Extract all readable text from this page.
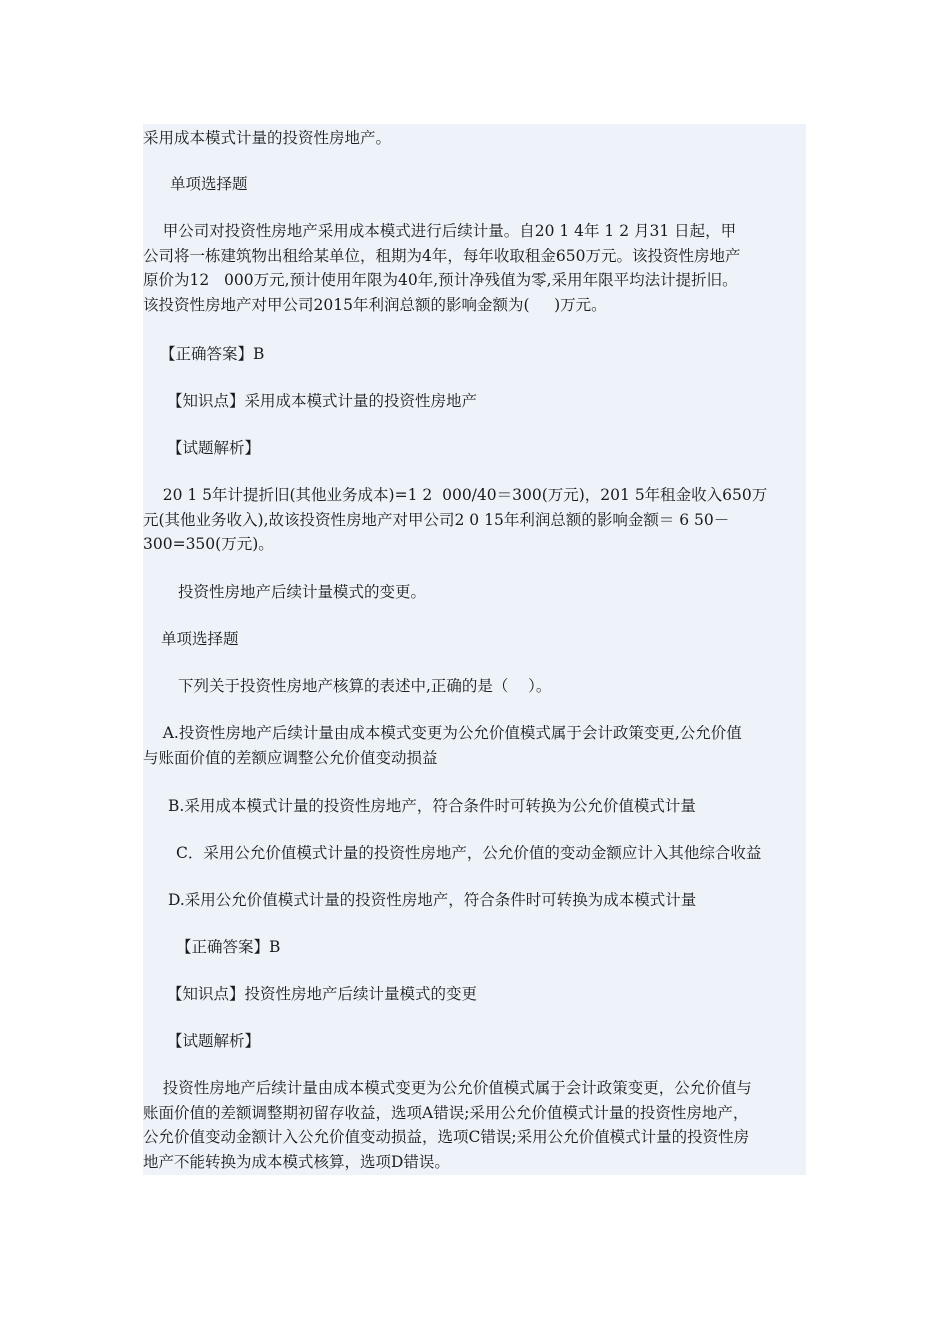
采用成本模式计量的投资性房地产。
单项选择题
甲公司对投资性房地产采用成本模式进行后续计量。自20 1 4年 1 2 月31 日起，甲
公司将一栋建筑物出租给某单位，租期为4年，每年收取租金650万元。该投资性房地产
原价为12   000万元,预计使用年限为40年,预计净残值为零,采用年限平均法计提折旧。
该投资性房地产对甲公司2015年利润总额的影响金额为(     )万元。
【正确答案】B
【知识点】采用成本模式计量的投资性房地产
【试题解析】
20 1 5年计提折旧(其他业务成本)=1 2  000/40＝300(万元)，201 5年租金收入650万
元(其他业务收入),故该投资性房地产对甲公司2 0 15年利润总额的影响金额＝ 6 50－
300=350(万元)。
投资性房地产后续计量模式的变更。
单项选择题
下列关于投资性房地产核算的表述中,正确的是（    ）。
A.投资性房地产后续计量由成本模式变更为公允价值模式属于会计政策变更,公允价值
与账面价值的差额应调整公允价值变动损益
B.采用成本模式计量的投资性房地产，符合条件时可转换为公允价值模式计量
C．采用公允价值模式计量的投资性房地产，公允价值的变动金额应计入其他综合收益
D.采用公允价值模式计量的投资性房地产，符合条件时可转换为成本模式计量
【正确答案】B
【知识点】投资性房地产后续计量模式的变更
【试题解析】
投资性房地产后续计量由成本模式变更为公允价值模式属于会计政策变更，公允价值与
账面价值的差额调整期初留存收益，选项A错误;采用公允价值模式计量的投资性房地产，
公允价值变动金额计入公允价值变动损益，选项C错误;采用公允价值模式计量的投资性房
地产不能转换为成本模式核算，选项D错误。
